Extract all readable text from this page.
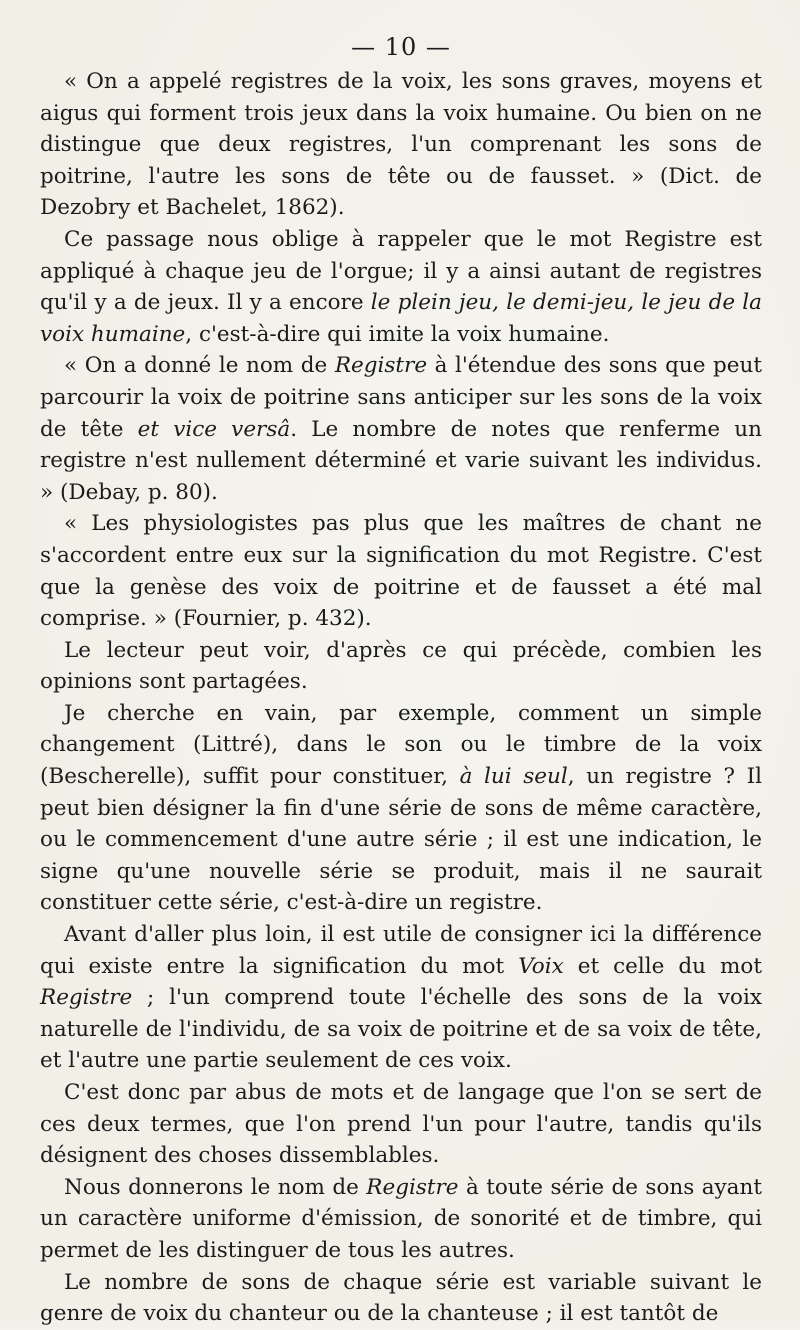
— 10 —

« On a appelé registres de la voix, les sons graves, moyens et aigus qui forment trois jeux dans la voix humaine. Ou bien on ne distingue que deux registres, l'un comprenant les sons de poitrine, l'autre les sons de tête ou de fausset. » (Dict. de Dezobry et Bachelet, 1862).

Ce passage nous oblige à rappeler que le mot Registre est appliqué à chaque jeu de l'orgue; il y a ainsi autant de registres qu'il y a de jeux. Il y a encore le plein jeu, le demi-jeu, le jeu de la voix humaine, c'est-à-dire qui imite la voix humaine.

« On a donné le nom de Registre à l'étendue des sons que peut parcourir la voix de poitrine sans anticiper sur les sons de la voix de tête et vice versâ. Le nombre de notes que renferme un registre n'est nullement déterminé et varie suivant les individus. » (Debay, p. 80).

« Les physiologistes pas plus que les maîtres de chant ne s'accordent entre eux sur la signification du mot Registre. C'est que la genèse des voix de poitrine et de fausset a été mal comprise. » (Fournier, p. 432).

Le lecteur peut voir, d'après ce qui précède, combien les opinions sont partagées.

Je cherche en vain, par exemple, comment un simple changement (Littré), dans le son ou le timbre de la voix (Bescherelle), suffit pour constituer, à lui seul, un registre ? Il peut bien désigner la fin d'une série de sons de même caractère, ou le commencement d'une autre série ; il est une indication, le signe qu'une nouvelle série se produit, mais il ne saurait constituer cette série, c'est-à-dire un registre.

Avant d'aller plus loin, il est utile de consigner ici la différence qui existe entre la signification du mot Voix et celle du mot Registre ; l'un comprend toute l'échelle des sons de la voix naturelle de l'individu, de sa voix de poitrine et de sa voix de tête, et l'autre une partie seulement de ces voix.

C'est donc par abus de mots et de langage que l'on se sert de ces deux termes, que l'on prend l'un pour l'autre, tandis qu'ils désignent des choses dissemblables.

Nous donnerons le nom de Registre à toute série de sons ayant un caractère uniforme d'émission, de sonorité et de timbre, qui permet de les distinguer de tous les autres.

Le nombre de sons de chaque série est variable suivant le genre de voix du chanteur ou de la chanteuse ; il est tantôt de
